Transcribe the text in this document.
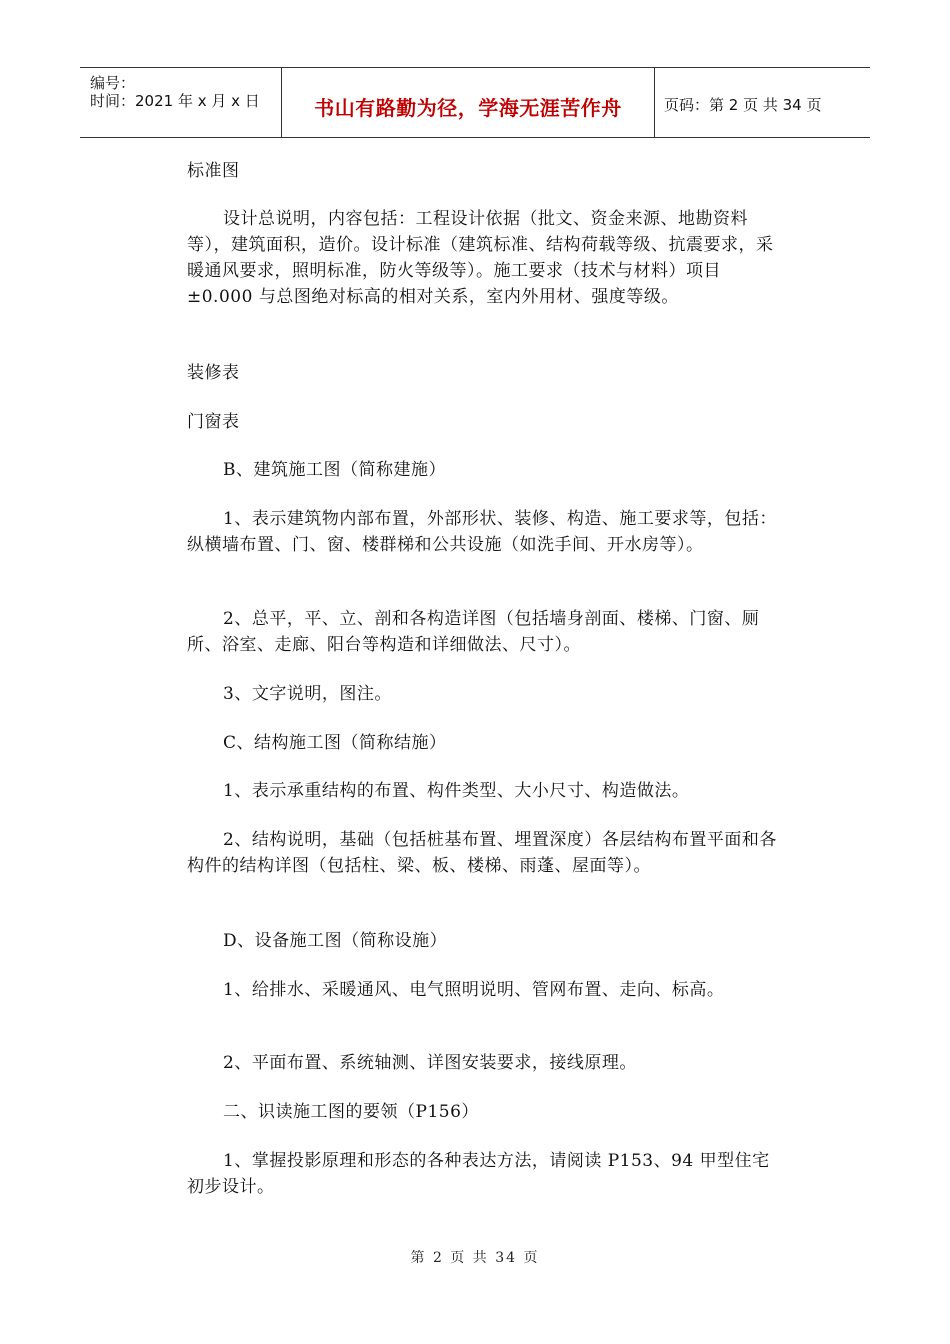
编号：
时间：2021 年 x 月 x 日	书山有路勤为径，学海无涯苦作舟	页码：第 2 页 共 34 页
标准图
设计总说明，内容包括：工程设计依据（批文、资金来源、地勘资料等），建筑面积，造价。设计标准（建筑标准、结构荷载等级、抗震要求，采暖通风要求，照明标准，防火等级等）。施工要求（技术与材料）项目±0.000 与总图绝对标高的相对关系，室内外用材、强度等级。
装修表
门窗表
B、建筑施工图（简称建施）
1、表示建筑物内部布置，外部形状、装修、构造、施工要求等，包括：纵横墙布置、门、窗、楼群梯和公共设施（如洗手间、开水房等）。
2、总平，平、立、剖和各构造详图（包括墙身剖面、楼梯、门窗、厕所、浴室、走廊、阳台等构造和详细做法、尺寸）。
3、文字说明，图注。
C、结构施工图（简称结施）
1、表示承重结构的布置、构件类型、大小尺寸、构造做法。
2、结构说明，基础（包括桩基布置、埋置深度）各层结构布置平面和各构件的结构详图（包括柱、梁、板、楼梯、雨蓬、屋面等）。
D、设备施工图（简称设施）
1、给排水、采暖通风、电气照明说明、管网布置、走向、标高。
2、平面布置、系统轴测、详图安装要求，接线原理。
二、识读施工图的要领（P156）
1、掌握投影原理和形态的各种表达方法，请阅读 P153、94 甲型住宅初步设计。
第 2 页 共 34 页
